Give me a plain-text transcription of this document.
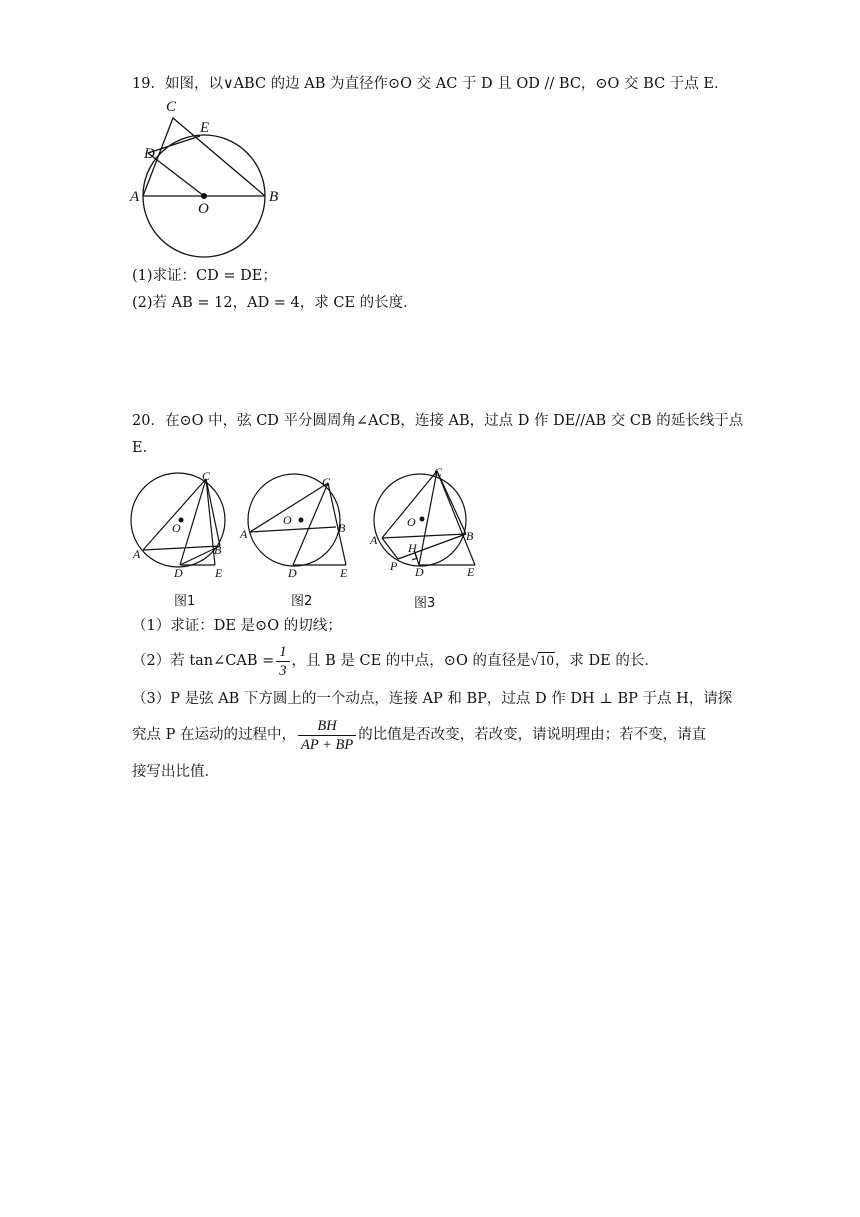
19．如图，以∨ABC 的边 AB 为直径作⊙O 交 AC 于 D 且 OD // BC，⊙O 交 BC 于点 E．
C
E
D
A
O
B
(1)求证：CD = DE；
(2)若 AB = 12，AD = 4，求 CE 的长度．
20．在⊙O 中，弦 CD 平分圆周角∠ACB，连接 AB，过点 D 作 DE//AB 交 CB 的延长线于点
E．
C
O
A	B
D	E
图1
C
O
A	B
D	E
图2
C
O
A	B
H
P D	E
图3
（1）求证：DE 是⊙O 的切线；
（2）若 tan∠CAB = $\frac{1}{3}$ ，且 B 是 CE 的中点，⊙O 的直径是√10，求 DE 的长．
（3）P 是弦 AB 下方圆上的一个动点，连接 AP 和 BP，过点 D 作 DH ⊥ BP 于点 H，请探
究点 P 在运动的过程中， $\frac{BH}{AP + BP}$ 的比值是否改变，若改变，请说明理由；若不变，请直
接写出比值．
